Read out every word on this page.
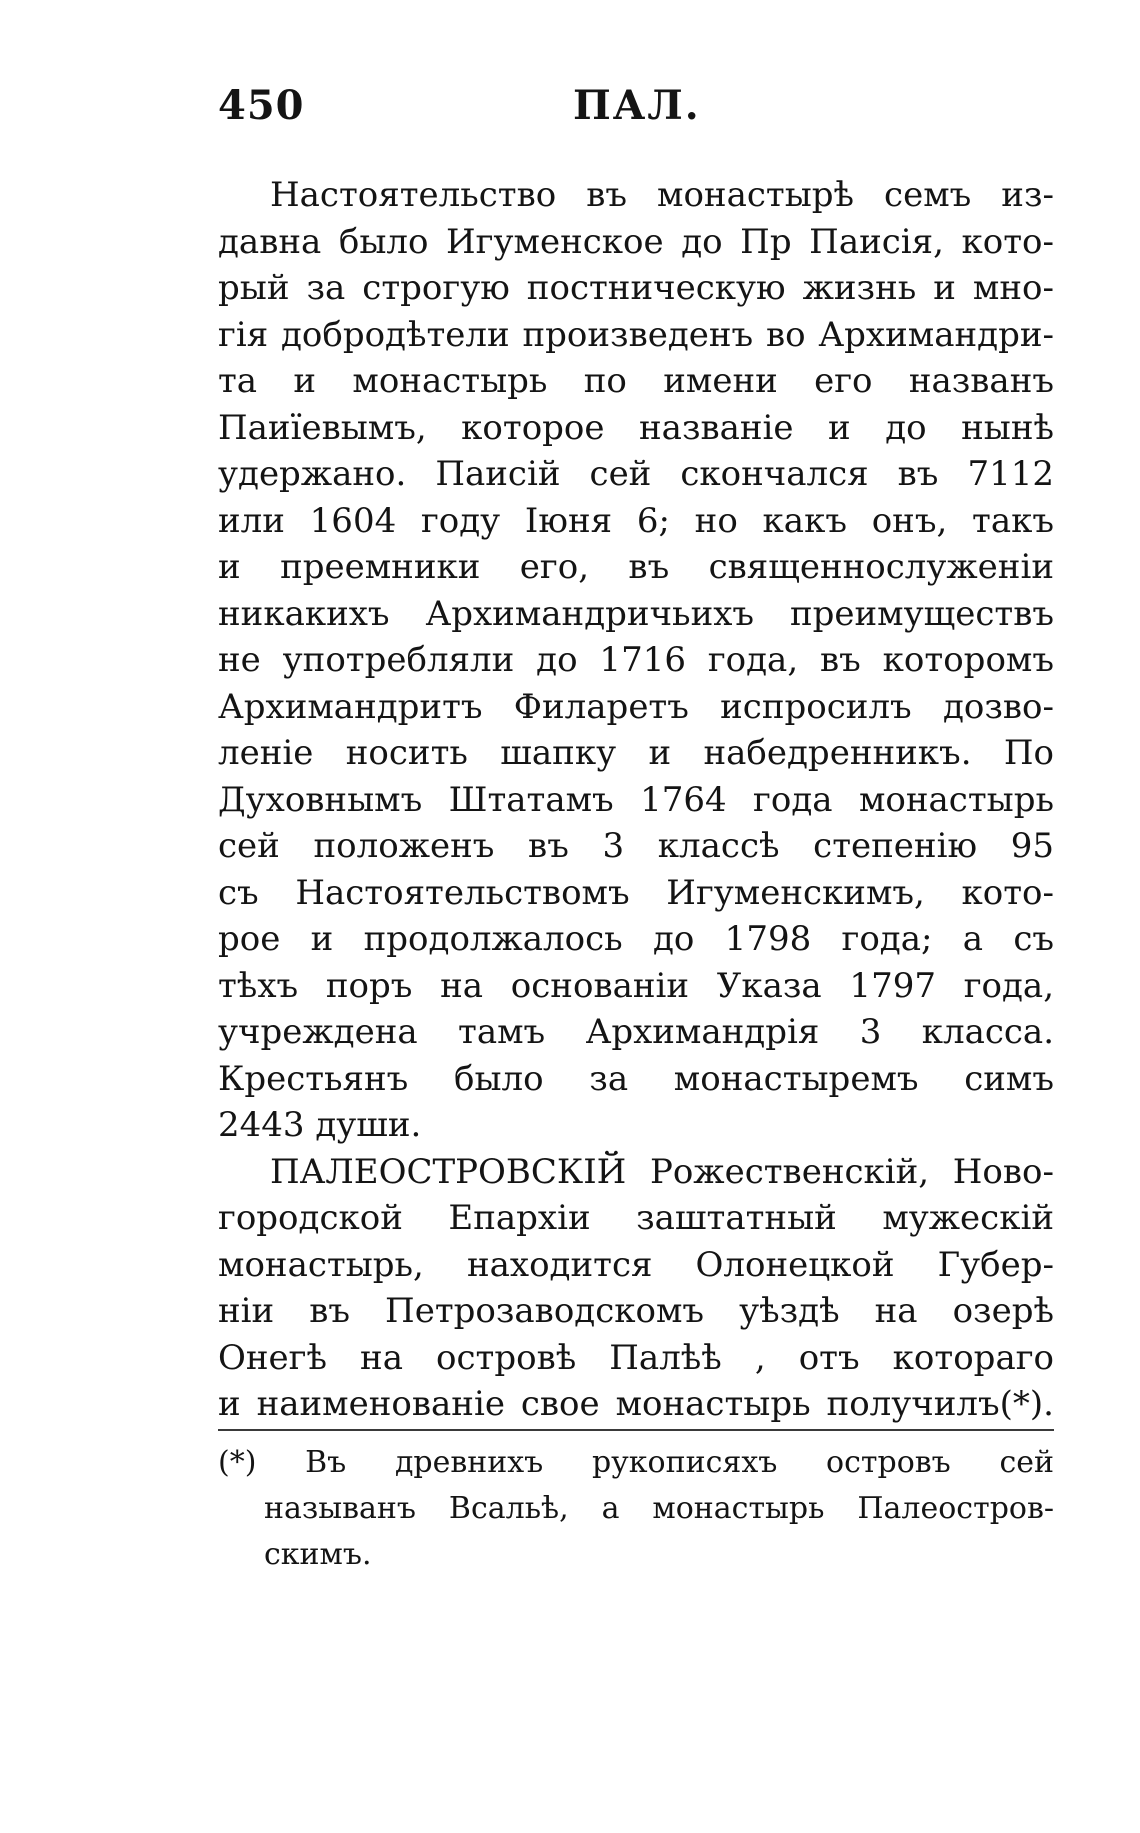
450	ПАЛ.
Настоятельство въ монастырѣ семъ из-
давна было Игуменское до Пр Паисія, кото-
рый за строгую постническую жизнь и мно-
гія добродѣтели произведенъ во Архимандри-
та и монастырь по имени его названъ
Паиїевымъ, которое названіе и до нынѣ
удержано. Паисій сей скончался въ 7112
или 1604 году Іюня 6; но какъ онъ, такъ
и преемники его, въ священнослуженіи
никакихъ Архимандричьихъ преимуществъ
не употребляли до 1716 года, въ которомъ
Архимандритъ Филаретъ испросилъ дозво-
леніе носить шапку и набедренникъ. По
Духовнымъ Штатамъ 1764 года монастырь
сей положенъ въ 3 классѣ степенію 95
съ Настоятельствомъ Игуменскимъ, кото-
рое и продолжалось до 1798 года; а съ
тѣхъ поръ на основаніи Указа 1797 года,
учреждена тамъ Архимандрія 3 класса.
Крестьянъ было за монастыремъ симъ
2443 души.
ПАЛЕОСТРОВСКІЙ Рожественскій, Ново-
городской Епархіи заштатный мужескій
монастырь, находится Олонецкой Губер-
ніи въ Петрозаводскомъ уѣздѣ на озерѣ
Онегѣ на островѣ Палѣѣ , отъ котораго
и наименованіе свое монастырь получилъ(*).
(*) Въ древнихъ рукописяхъ островъ сей
называнъ Всальѣ, а монастырь Палеостров-
скимъ.
